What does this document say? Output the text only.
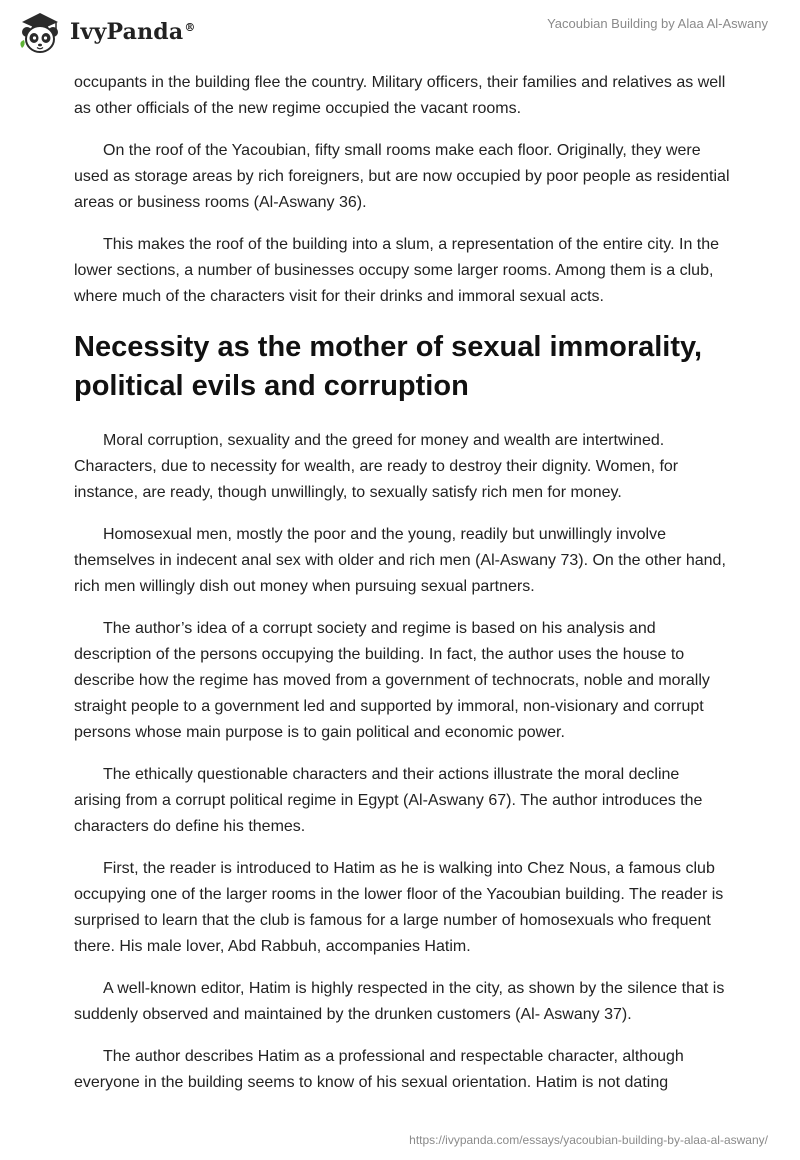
IvyPanda®	Yacoubian Building by Alaa Al-Aswany

occupants in the building flee the country. Military officers, their families and relatives as well as other officials of the new regime occupied the vacant rooms.

On the roof of the Yacoubian, fifty small rooms make each floor. Originally, they were used as storage areas by rich foreigners, but are now occupied by poor people as residential areas or business rooms (Al-Aswany 36).

This makes the roof of the building into a slum, a representation of the entire city. In the lower sections, a number of businesses occupy some larger rooms. Among them is a club, where much of the characters visit for their drinks and immoral sexual acts.

Necessity as the mother of sexual immorality, political evils and corruption

Moral corruption, sexuality and the greed for money and wealth are intertwined. Characters, due to necessity for wealth, are ready to destroy their dignity. Women, for instance, are ready, though unwillingly, to sexually satisfy rich men for money.

Homosexual men, mostly the poor and the young, readily but unwillingly involve themselves in indecent anal sex with older and rich men (Al-Aswany 73). On the other hand, rich men willingly dish out money when pursuing sexual partners.

The author’s idea of a corrupt society and regime is based on his analysis and description of the persons occupying the building. In fact, the author uses the house to describe how the regime has moved from a government of technocrats, noble and morally straight people to a government led and supported by immoral, non-visionary and corrupt persons whose main purpose is to gain political and economic power.

The ethically questionable characters and their actions illustrate the moral decline arising from a corrupt political regime in Egypt (Al-Aswany 67). The author introduces the characters do define his themes.

First, the reader is introduced to Hatim as he is walking into Chez Nous, a famous club occupying one of the larger rooms in the lower floor of the Yacoubian building. The reader is surprised to learn that the club is famous for a large number of homosexuals who frequent there. His male lover, Abd Rabbuh, accompanies Hatim.

A well-known editor, Hatim is highly respected in the city, as shown by the silence that is suddenly observed and maintained by the drunken customers (Al- Aswany 37).

The author describes Hatim as a professional and respectable character, although everyone in the building seems to know of his sexual orientation. Hatim is not dating

https://ivypanda.com/essays/yacoubian-building-by-alaa-al-aswany/
